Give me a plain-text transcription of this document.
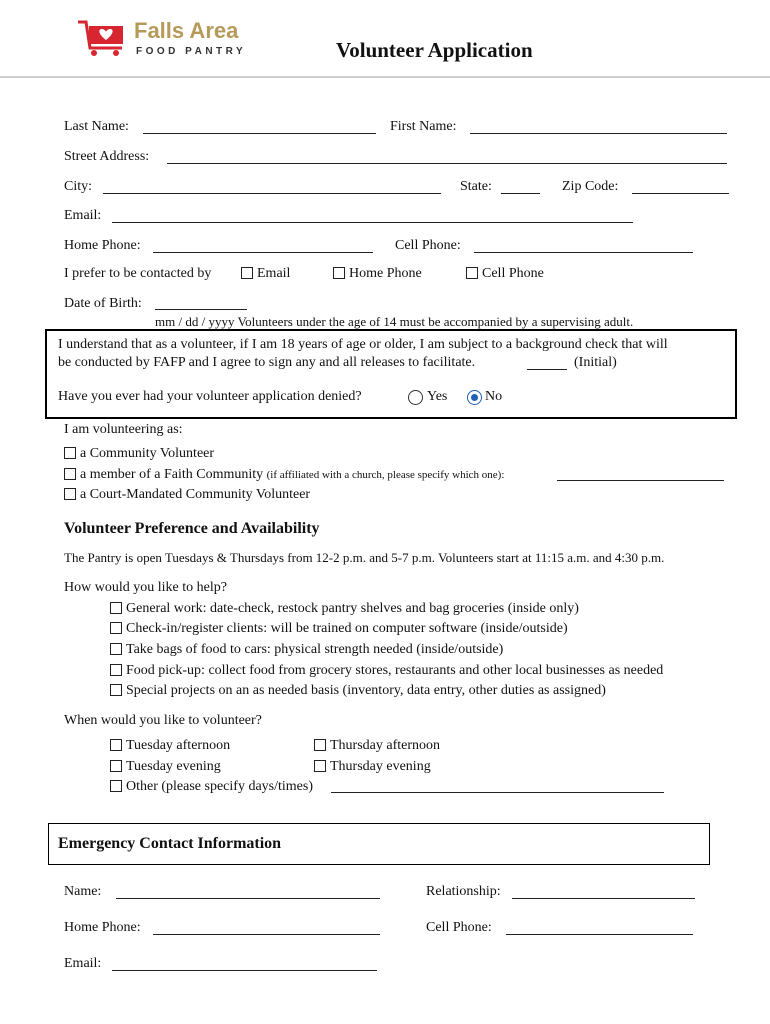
Falls Area
FOOD PANTRY	Volunteer Application
Last Name:	First Name:
Street Address:
City:	State:	Zip Code:
Email:
Home Phone:	Cell Phone:
I prefer to be contacted by	Email	Home Phone	Cell Phone
Date of Birth:
mm / dd / yyyy Volunteers under the age of 14 must be accompanied by a supervising adult.
I understand that as a volunteer, if I am 18 years of age or older, I am subject to a background check that will
be conducted by FAFP and I agree to sign any and all releases to facilitate.	(Initial)
Have you ever had your volunteer application denied?	Yes	No
I am volunteering as:
a Community Volunteer
a member of a Faith Community (if affiliated with a church, please specify which one):
a Court-Mandated Community Volunteer
Volunteer Preference and Availability
The Pantry is open Tuesdays & Thursdays from 12-2 p.m. and 5-7 p.m. Volunteers start at 11:15 a.m. and 4:30 p.m.
How would you like to help?
General work: date-check, restock pantry shelves and bag groceries (inside only)
Check-in/register clients: will be trained on computer software (inside/outside)
Take bags of food to cars: physical strength needed (inside/outside)
Food pick-up: collect food from grocery stores, restaurants and other local businesses as needed
Special projects on an as needed basis (inventory, data entry, other duties as assigned)
When would you like to volunteer?
Tuesday afternoon	Thursday afternoon
Tuesday evening	Thursday evening
Other (please specify days/times)
Emergency Contact Information
Name:	Relationship:
Home Phone:	Cell Phone:
Email:
